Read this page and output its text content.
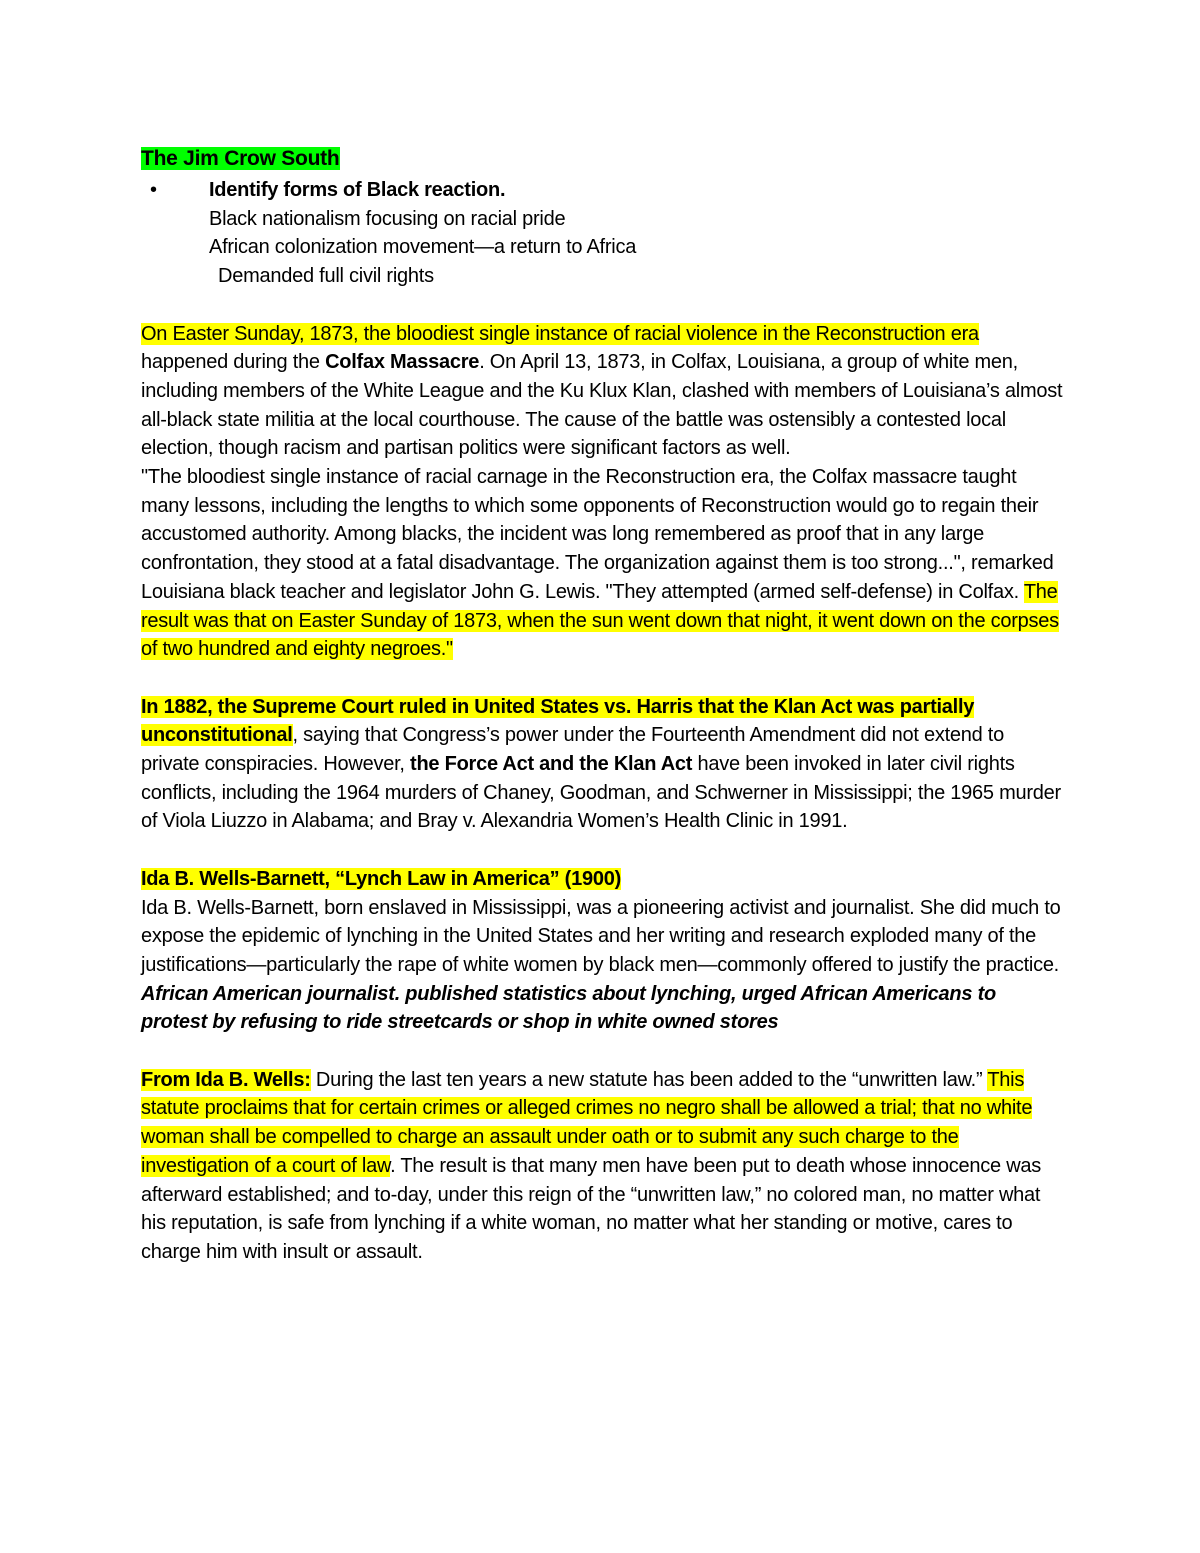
The Jim Crow South

•	Identify forms of Black reaction.
Black nationalism focusing on racial pride
African colonization movement—a return to Africa
Demanded full civil rights

On Easter Sunday, 1873, the bloodiest single instance of racial violence in the Reconstruction era happened during the Colfax Massacre. On April 13, 1873, in Colfax, Louisiana, a group of white men, including members of the White League and the Ku Klux Klan, clashed with members of Louisiana’s almost all-black state militia at the local courthouse. The cause of the battle was ostensibly a contested local election, though racism and partisan politics were significant factors as well.

"The bloodiest single instance of racial carnage in the Reconstruction era, the Colfax massacre taught many lessons, including the lengths to which some opponents of Reconstruction would go to regain their accustomed authority. Among blacks, the incident was long remembered as proof that in any large confrontation, they stood at a fatal disadvantage. The organization against them is too strong...", remarked Louisiana black teacher and legislator John G. Lewis. "They attempted (armed self-defense) in Colfax. The result was that on Easter Sunday of 1873, when the sun went down that night, it went down on the corpses of two hundred and eighty negroes."

In 1882, the Supreme Court ruled in United States vs. Harris that the Klan Act was partially unconstitutional, saying that Congress’s power under the Fourteenth Amendment did not extend to private conspiracies. However, the Force Act and the Klan Act have been invoked in later civil rights conflicts, including the 1964 murders of Chaney, Goodman, and Schwerner in Mississippi; the 1965 murder of Viola Liuzzo in Alabama; and Bray v. Alexandria Women’s Health Clinic in 1991.

Ida B. Wells-Barnett, “Lynch Law in America” (1900)

Ida B. Wells-Barnett, born enslaved in Mississippi, was a pioneering activist and journalist. She did much to expose the epidemic of lynching in the United States and her writing and research exploded many of the justifications—particularly the rape of white women by black men—commonly offered to justify the practice. African American journalist. published statistics about lynching, urged African Americans to protest by refusing to ride streetcards or shop in white owned stores

From Ida B. Wells: During the last ten years a new statute has been added to the “unwritten law.” This statute proclaims that for certain crimes or alleged crimes no negro shall be allowed a trial; that no white woman shall be compelled to charge an assault under oath or to submit any such charge to the investigation of a court of law. The result is that many men have been put to death whose innocence was afterward established; and to-day, under this reign of the “unwritten law,” no colored man, no matter what his reputation, is safe from lynching if a white woman, no matter what her standing or motive, cares to charge him with insult or assault.
